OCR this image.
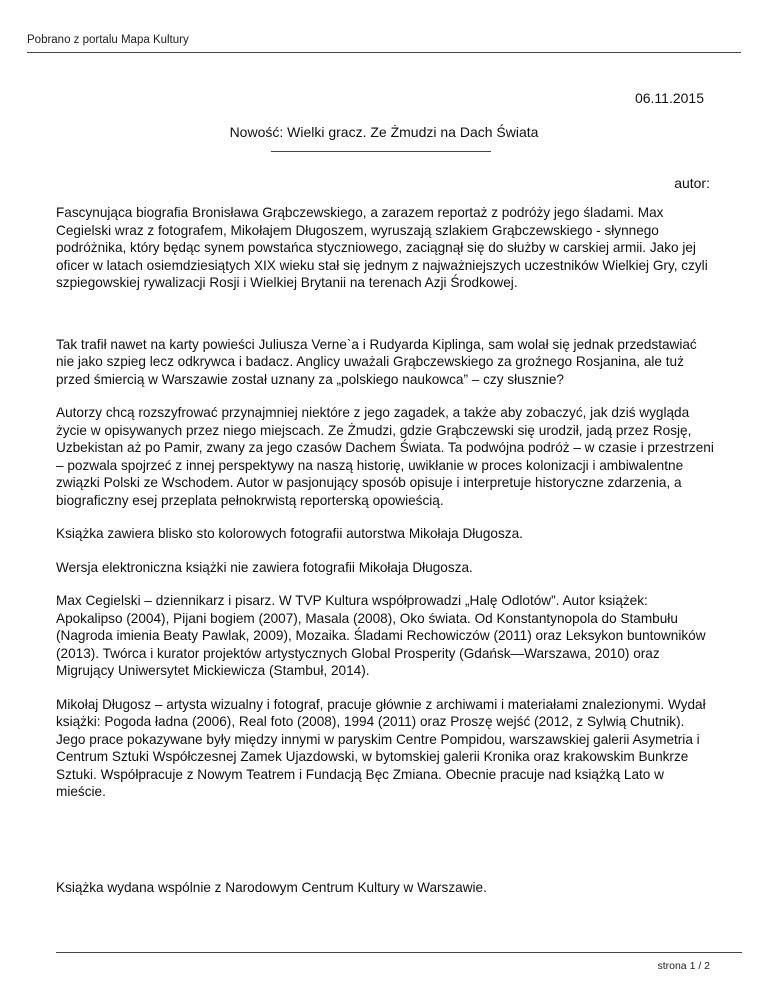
Pobrano z portalu Mapa Kultury
06.11.2015
Nowość: Wielki gracz. Ze Żmudzi na Dach Świata
autor:

Fascynująca biografia Bronisława Grąbczewskiego, a zarazem reportaż z podróży jego śladami. Max Cegielski wraz z fotografem, Mikołajem Długoszem, wyruszają szlakiem Grąbczewskiego - słynnego podróżnika, który będąc synem powstańca styczniowego, zaciągnął się do służby w carskiej armii. Jako jej oficer w latach osiemdziesiątych XIX wieku stał się jednym z najważniejszych uczestników Wielkiej Gry, czyli szpiegowskiej rywalizacji Rosji i Wielkiej Brytanii na terenach Azji Środkowej.

Tak trafił nawet na karty powieści Juliusza Verne`a i Rudyarda Kiplinga, sam wolał się jednak przedstawiać nie jako szpieg lecz odkrywca i badacz. Anglicy uważali Grąbczewskiego za groźnego Rosjanina, ale tuż przed śmiercią w Warszawie został uznany za „polskiego naukowca” – czy słusznie?

Autorzy chcą rozszyfrować przynajmniej niektóre z jego zagadek, a także aby zobaczyć, jak dziś wygląda życie w opisywanych przez niego miejscach. Ze Żmudzi, gdzie Grąbczewski się urodził, jadą przez Rosję, Uzbekistan aż po Pamir, zwany za jego czasów Dachem Świata. Ta podwójna podróż – w czasie i przestrzeni – pozwala spojrzeć z innej perspektywy na naszą historię, uwikłanie w proces kolonizacji i ambiwalentne związki Polski ze Wschodem. Autor w pasjonujący sposób opisuje i interpretuje historyczne zdarzenia, a biograficzny esej przeplata pełnokrwistą reporterską opowieścią.

Książka zawiera blisko sto kolorowych fotografii autorstwa Mikołaja Długosza.

Wersja elektroniczna książki nie zawiera fotografii Mikołaja Długosza.

Max Cegielski – dziennikarz i pisarz. W TVP Kultura współprowadzi „Halę Odlotów”. Autor książek: Apokalipso (2004), Pijani bogiem (2007), Masala (2008), Oko świata. Od Konstantynopola do Stambułu (Nagroda imienia Beaty Pawlak, 2009), Mozaika. Śladami Rechowiczów (2011) oraz Leksykon buntowników (2013). Twórca i kurator projektów artystycznych Global Prosperity (Gdańsk—Warszawa, 2010) oraz Migrujący Uniwersytet Mickiewicza (Stambuł, 2014).

Mikołaj Długosz – artysta wizualny i fotograf, pracuje głównie z archiwami i materiałami znalezionymi. Wydał książki: Pogoda ładna (2006), Real foto (2008), 1994 (2011) oraz Proszę wejść (2012, z Sylwią Chutnik). Jego prace pokazywane były między innymi w paryskim Centre Pompidou, warszawskiej galerii Asymetria i Centrum Sztuki Współczesnej Zamek Ujazdowski, w bytomskiej galerii Kronika oraz krakowskim Bunkrze Sztuki. Współpracuje z Nowym Teatrem i Fundacją Bęc Zmiana. Obecnie pracuje nad książką Lato w mieście.

Książka wydana wspólnie z Narodowym Centrum Kultury w Warszawie.

strona 1 / 2
